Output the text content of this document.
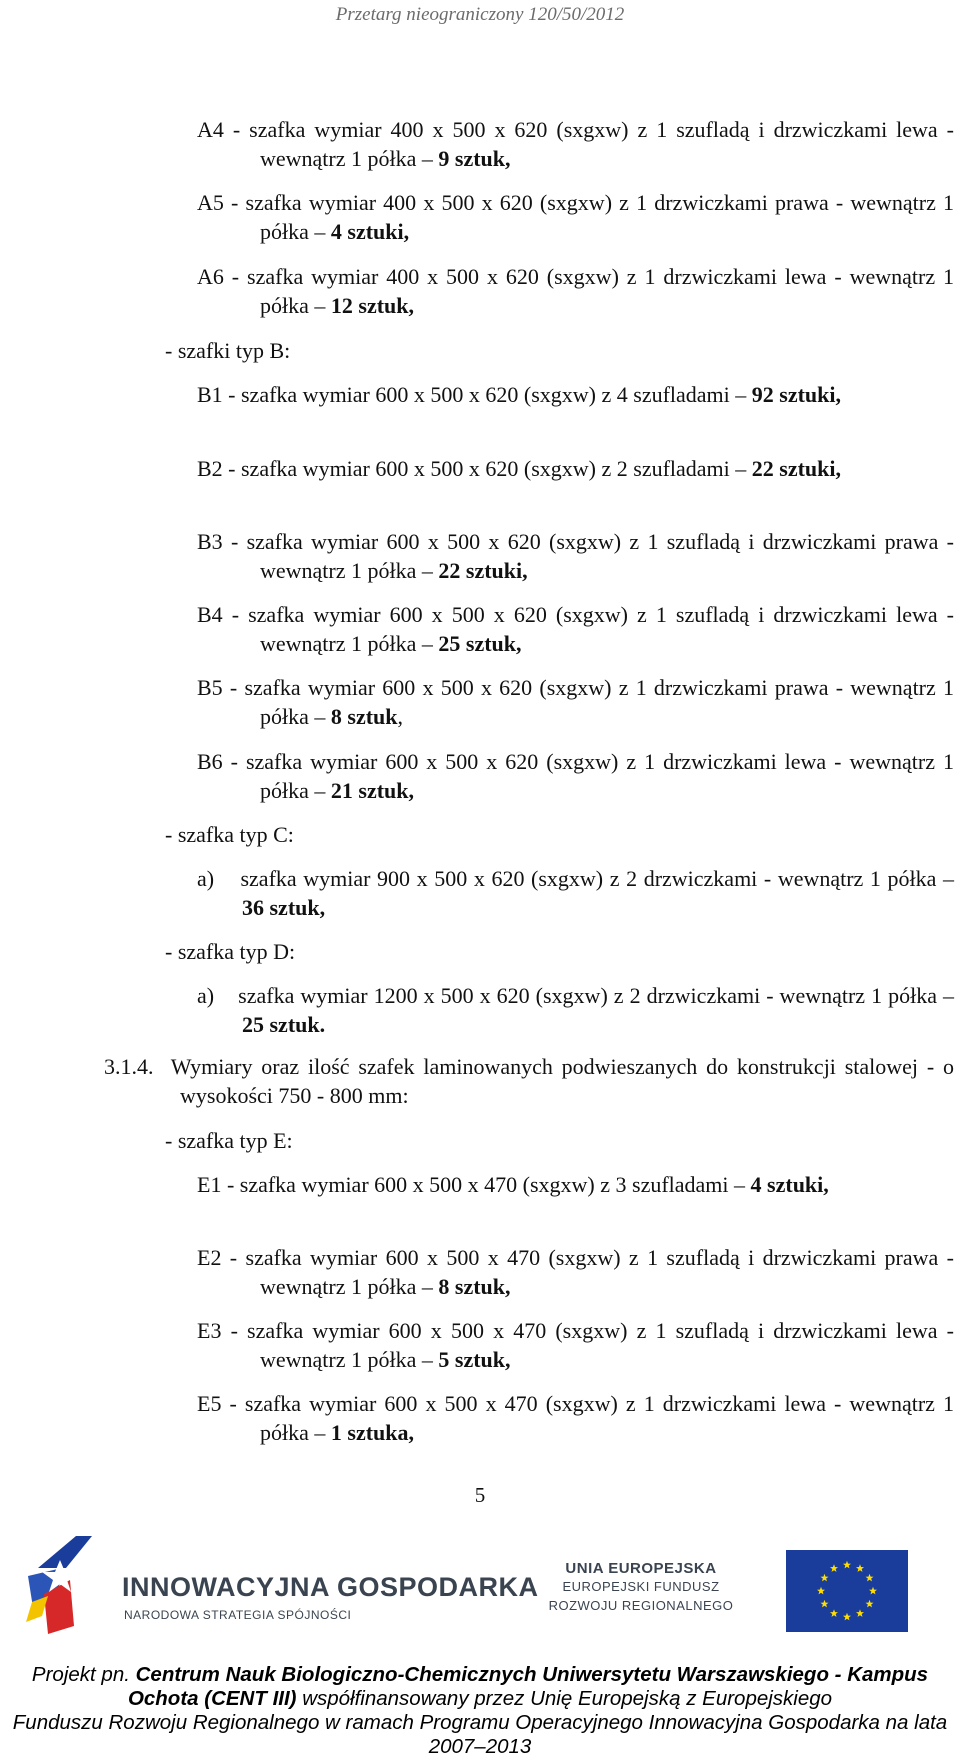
Przetarg nieograniczony 120/50/2012
A4 - szafka wymiar 400 x 500 x 620 (sxgxw) z 1 szufladą i drzwiczkami lewa - wewnątrz 1 półka – 9 sztuk,
A5 - szafka wymiar 400 x 500 x 620 (sxgxw) z 1 drzwiczkami prawa - wewnątrz 1 półka – 4 sztuki,
A6 - szafka wymiar 400 x 500 x 620 (sxgxw) z 1 drzwiczkami lewa - wewnątrz 1 półka – 12 sztuk,
- szafki typ B:
B1 - szafka wymiar 600 x 500 x 620 (sxgxw) z 4 szufladami – 92 sztuki,
B2 - szafka wymiar 600 x 500 x 620 (sxgxw) z 2 szufladami – 22 sztuki,
B3 - szafka wymiar 600 x 500 x 620 (sxgxw) z 1 szufladą i drzwiczkami prawa - wewnątrz 1 półka – 22 sztuki,
B4 - szafka wymiar 600 x 500 x 620 (sxgxw) z 1 szufladą i drzwiczkami lewa - wewnątrz 1 półka – 25 sztuk,
B5 - szafka wymiar 600 x 500 x 620 (sxgxw) z 1 drzwiczkami prawa - wewnątrz 1 półka – 8 sztuk,
B6 - szafka wymiar 600 x 500 x 620 (sxgxw) z 1 drzwiczkami lewa - wewnątrz 1 półka – 21 sztuk,
- szafka typ C:
a)    szafka wymiar 900 x 500 x 620 (sxgxw) z 2 drzwiczkami - wewnątrz 1 półka – 36 sztuk,
- szafka typ D:
a)    szafka wymiar 1200 x 500 x 620 (sxgxw) z 2 drzwiczkami - wewnątrz 1 półka – 25 sztuk.
3.1.4.  Wymiary oraz ilość szafek laminowanych podwieszanych do konstrukcji stalowej - o wysokości 750 - 800 mm:
- szafka typ E:
E1 - szafka wymiar 600 x 500 x 470 (sxgxw) z 3 szufladami – 4 sztuki,
E2 - szafka wymiar 600 x 500 x 470 (sxgxw) z 1 szufladą i drzwiczkami prawa - wewnątrz 1 półka – 8 sztuk,
E3 - szafka wymiar 600 x 500 x 470 (sxgxw) z 1 szufladą i drzwiczkami lewa - wewnątrz 1 półka – 5 sztuk,
E5 - szafka wymiar 600 x 500 x 470 (sxgxw) z 1 drzwiczkami lewa - wewnątrz 1 półka – 1 sztuka,
5
INNOWACYJNA GOSPODARKA
NARODOWA STRATEGIA SPÓJNOŚCI
UNIA EUROPEJSKA
EUROPEJSKI FUNDUSZ
ROZWOJU REGIONALNEGO
Projekt pn. Centrum Nauk Biologiczno-Chemicznych Uniwersytetu Warszawskiego - Kampus Ochota (CENT III) współfinansowany przez Unię Europejską z Europejskiego
Funduszu Rozwoju Regionalnego w ramach Programu Operacyjnego Innowacyjna Gospodarka na lata 2007–2013
